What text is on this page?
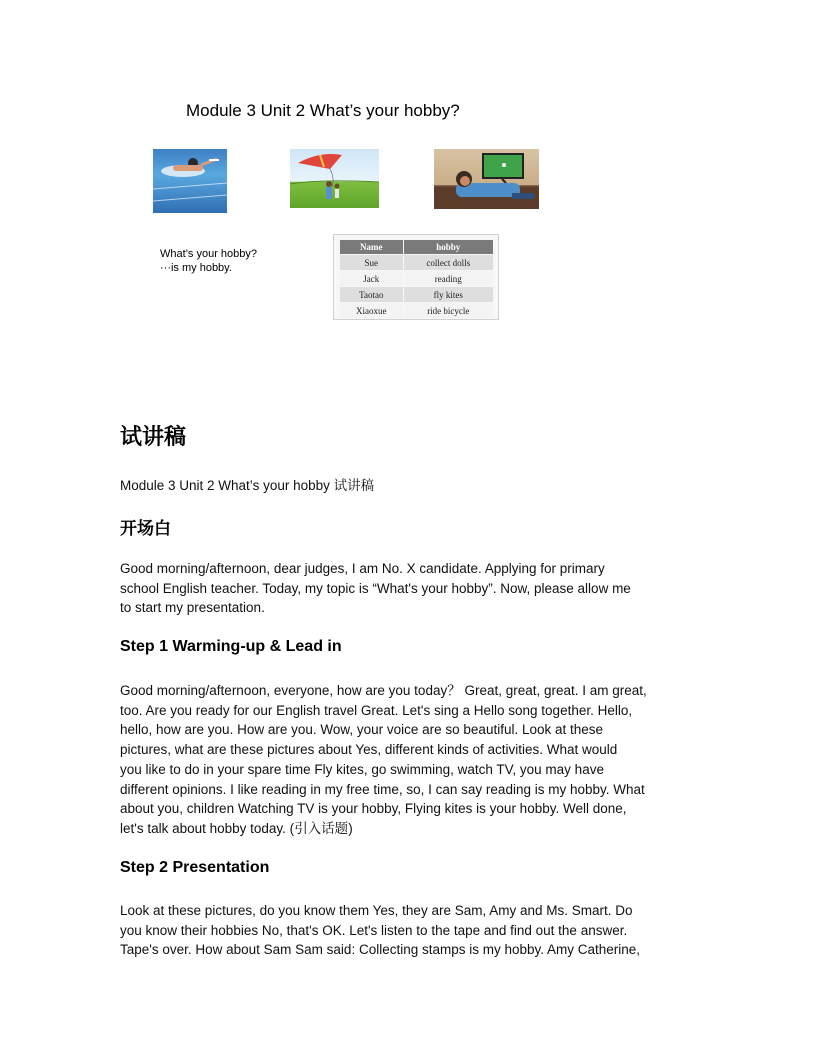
Module 3 Unit 2 What’s your hobby?
What’s your hobby?
···is my hobby.
Name	hobby
Sue	collect dolls
Jack	reading
Taotao	fly kites
Xiaoxue	ride bicycle
试讲稿
Module 3 Unit 2 What’s your hobby 试讲稿
开场白
Good morning/afternoon, dear judges, I am No. X candidate. Applying for primary
school English teacher. Today, my topic is “What's your hobby”. Now, please allow me
to start my presentation.
Step 1 Warming-up & Lead in
Good morning/afternoon, everyone, how are you today？ Great, great, great. I am great,
too. Are you ready for our English travel Great. Let's sing a Hello song together. Hello,
hello, how are you. How are you. Wow, your voice are so beautiful. Look at these
pictures, what are these pictures about Yes, different kinds of activities. What would
you like to do in your spare time Fly kites, go swimming, watch TV, you may have
different opinions. I like reading in my free time, so, I can say reading is my hobby. What
about you, children Watching TV is your hobby, Flying kites is your hobby. Well done,
let's talk about hobby today. (引入话题)
Step 2 Presentation
Look at these pictures, do you know them Yes, they are Sam, Amy and Ms. Smart. Do
you know their hobbies No, that's OK. Let's listen to the tape and find out the answer.
Tape's over. How about Sam Sam said: Collecting stamps is my hobby. Amy Catherine,
